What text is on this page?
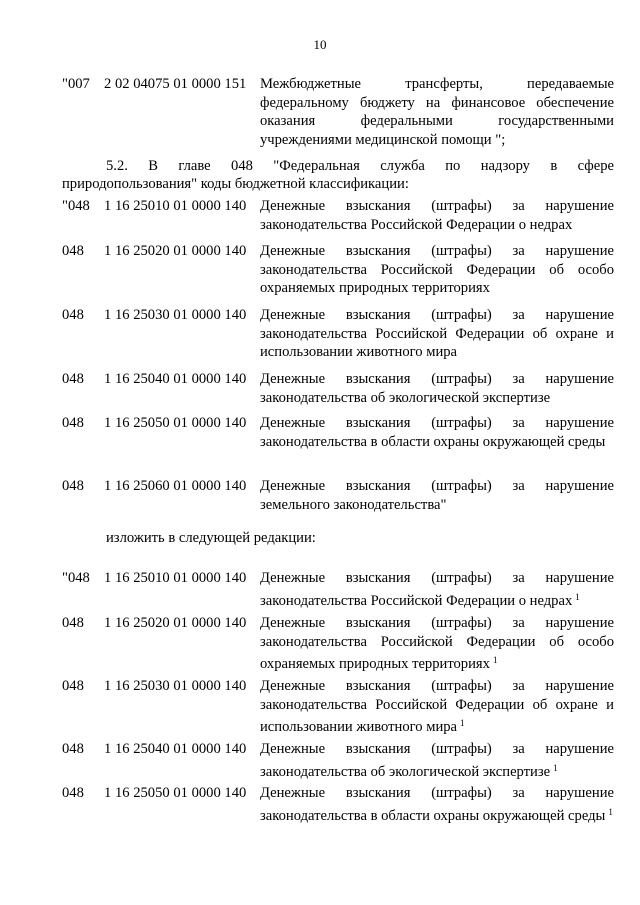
10
"007 2 02 04075 01 0000 151 Межбюджетные трансферты, передаваемые федеральному бюджету на финансовое обеспечение оказания федеральными государственными учреждениями медицинской помощи ";
5.2. В главе 048 "Федеральная служба по надзору в сфере
природопользования" коды бюджетной классификации:
"048 1 16 25010 01 0000 140 Денежные взыскания (штрафы) за нарушение законодательства Российской Федерации о недрах
048 1 16 25020 01 0000 140 Денежные взыскания (штрафы) за нарушение законодательства Российской Федерации об особо охраняемых природных территориях
048 1 16 25030 01 0000 140 Денежные взыскания (штрафы) за нарушение законодательства Российской Федерации об охране и использовании животного мира
048 1 16 25040 01 0000 140 Денежные взыскания (штрафы) за нарушение законодательства об экологической экспертизе
048 1 16 25050 01 0000 140 Денежные взыскания (штрафы) за нарушение законодательства в области охраны окружающей среды
048 1 16 25060 01 0000 140 Денежные взыскания (штрафы) за нарушение земельного законодательства"
изложить в следующей редакции:
"048 1 16 25010 01 0000 140 Денежные взыскания (штрафы) за нарушение законодательства Российской Федерации о недрах $^1$
048 1 16 25020 01 0000 140 Денежные взыскания (штрафы) за нарушение законодательства Российской Федерации об особо охраняемых природных территориях $^1$
048 1 16 25030 01 0000 140 Денежные взыскания (штрафы) за нарушение законодательства Российской Федерации об охране и использовании животного мира $^1$
048 1 16 25040 01 0000 140 Денежные взыскания (штрафы) за нарушение законодательства об экологической экспертизе $^1$
048 1 16 25050 01 0000 140 Денежные взыскания (штрафы) за нарушение законодательства в области охраны окружающей среды $^1$
